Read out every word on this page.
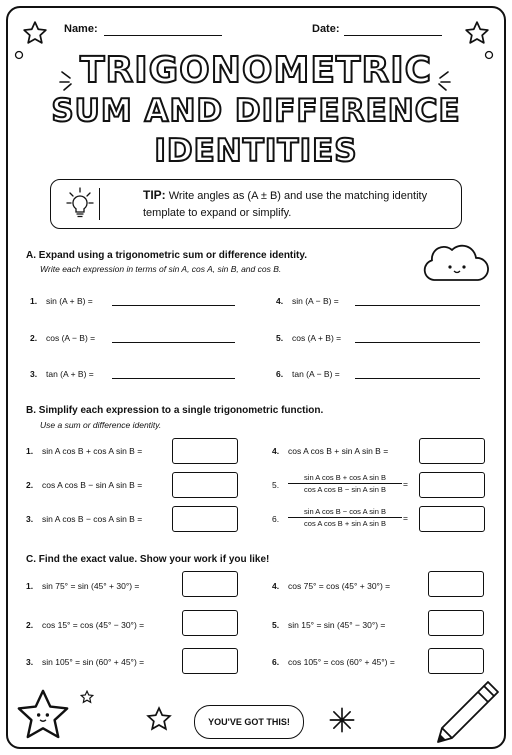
Name:	Date:
TRIGONOMETRIC
SUM AND DIFFERENCE
IDENTITIES
TIP: Write angles as (A ± B) and use the matching identity template to expand or simplify.
A. Expand using a trigonometric sum or difference identity.
Write each expression in terms of sin A, cos A, sin B, and cos B.
1. sin (A + B) =	4. sin (A − B) =
2. cos (A − B) =	5. cos (A + B) =
3. tan (A + B) =	6. tan (A − B) =
B. Simplify each expression to a single trigonometric function.
Use a sum or difference identity.
1. sin A cos B + cos A sin B =	4. cos A cos B + sin A sin B =
2. cos A cos B − sin A sin B =	5. $\frac{\text{sin A cos B + cos A sin B}}{\text{cos A cos B − sin A sin B}}$ =
3. sin A cos B − cos A sin B =	6. $\frac{\text{sin A cos B − cos A sin B}}{\text{cos A cos B + sin A sin B}}$ =
C. Find the exact value. Show your work if you like!
1. sin 75° = sin (45° + 30°) =	4. cos 75° = cos (45° + 30°) =
2. cos 15° = cos (45° − 30°) =	5. sin 15° = sin (45° − 30°) =
3. sin 105° = sin (60° + 45°) =	6. cos 105° = cos (60° + 45°) =
YOU'VE GOT THIS!
